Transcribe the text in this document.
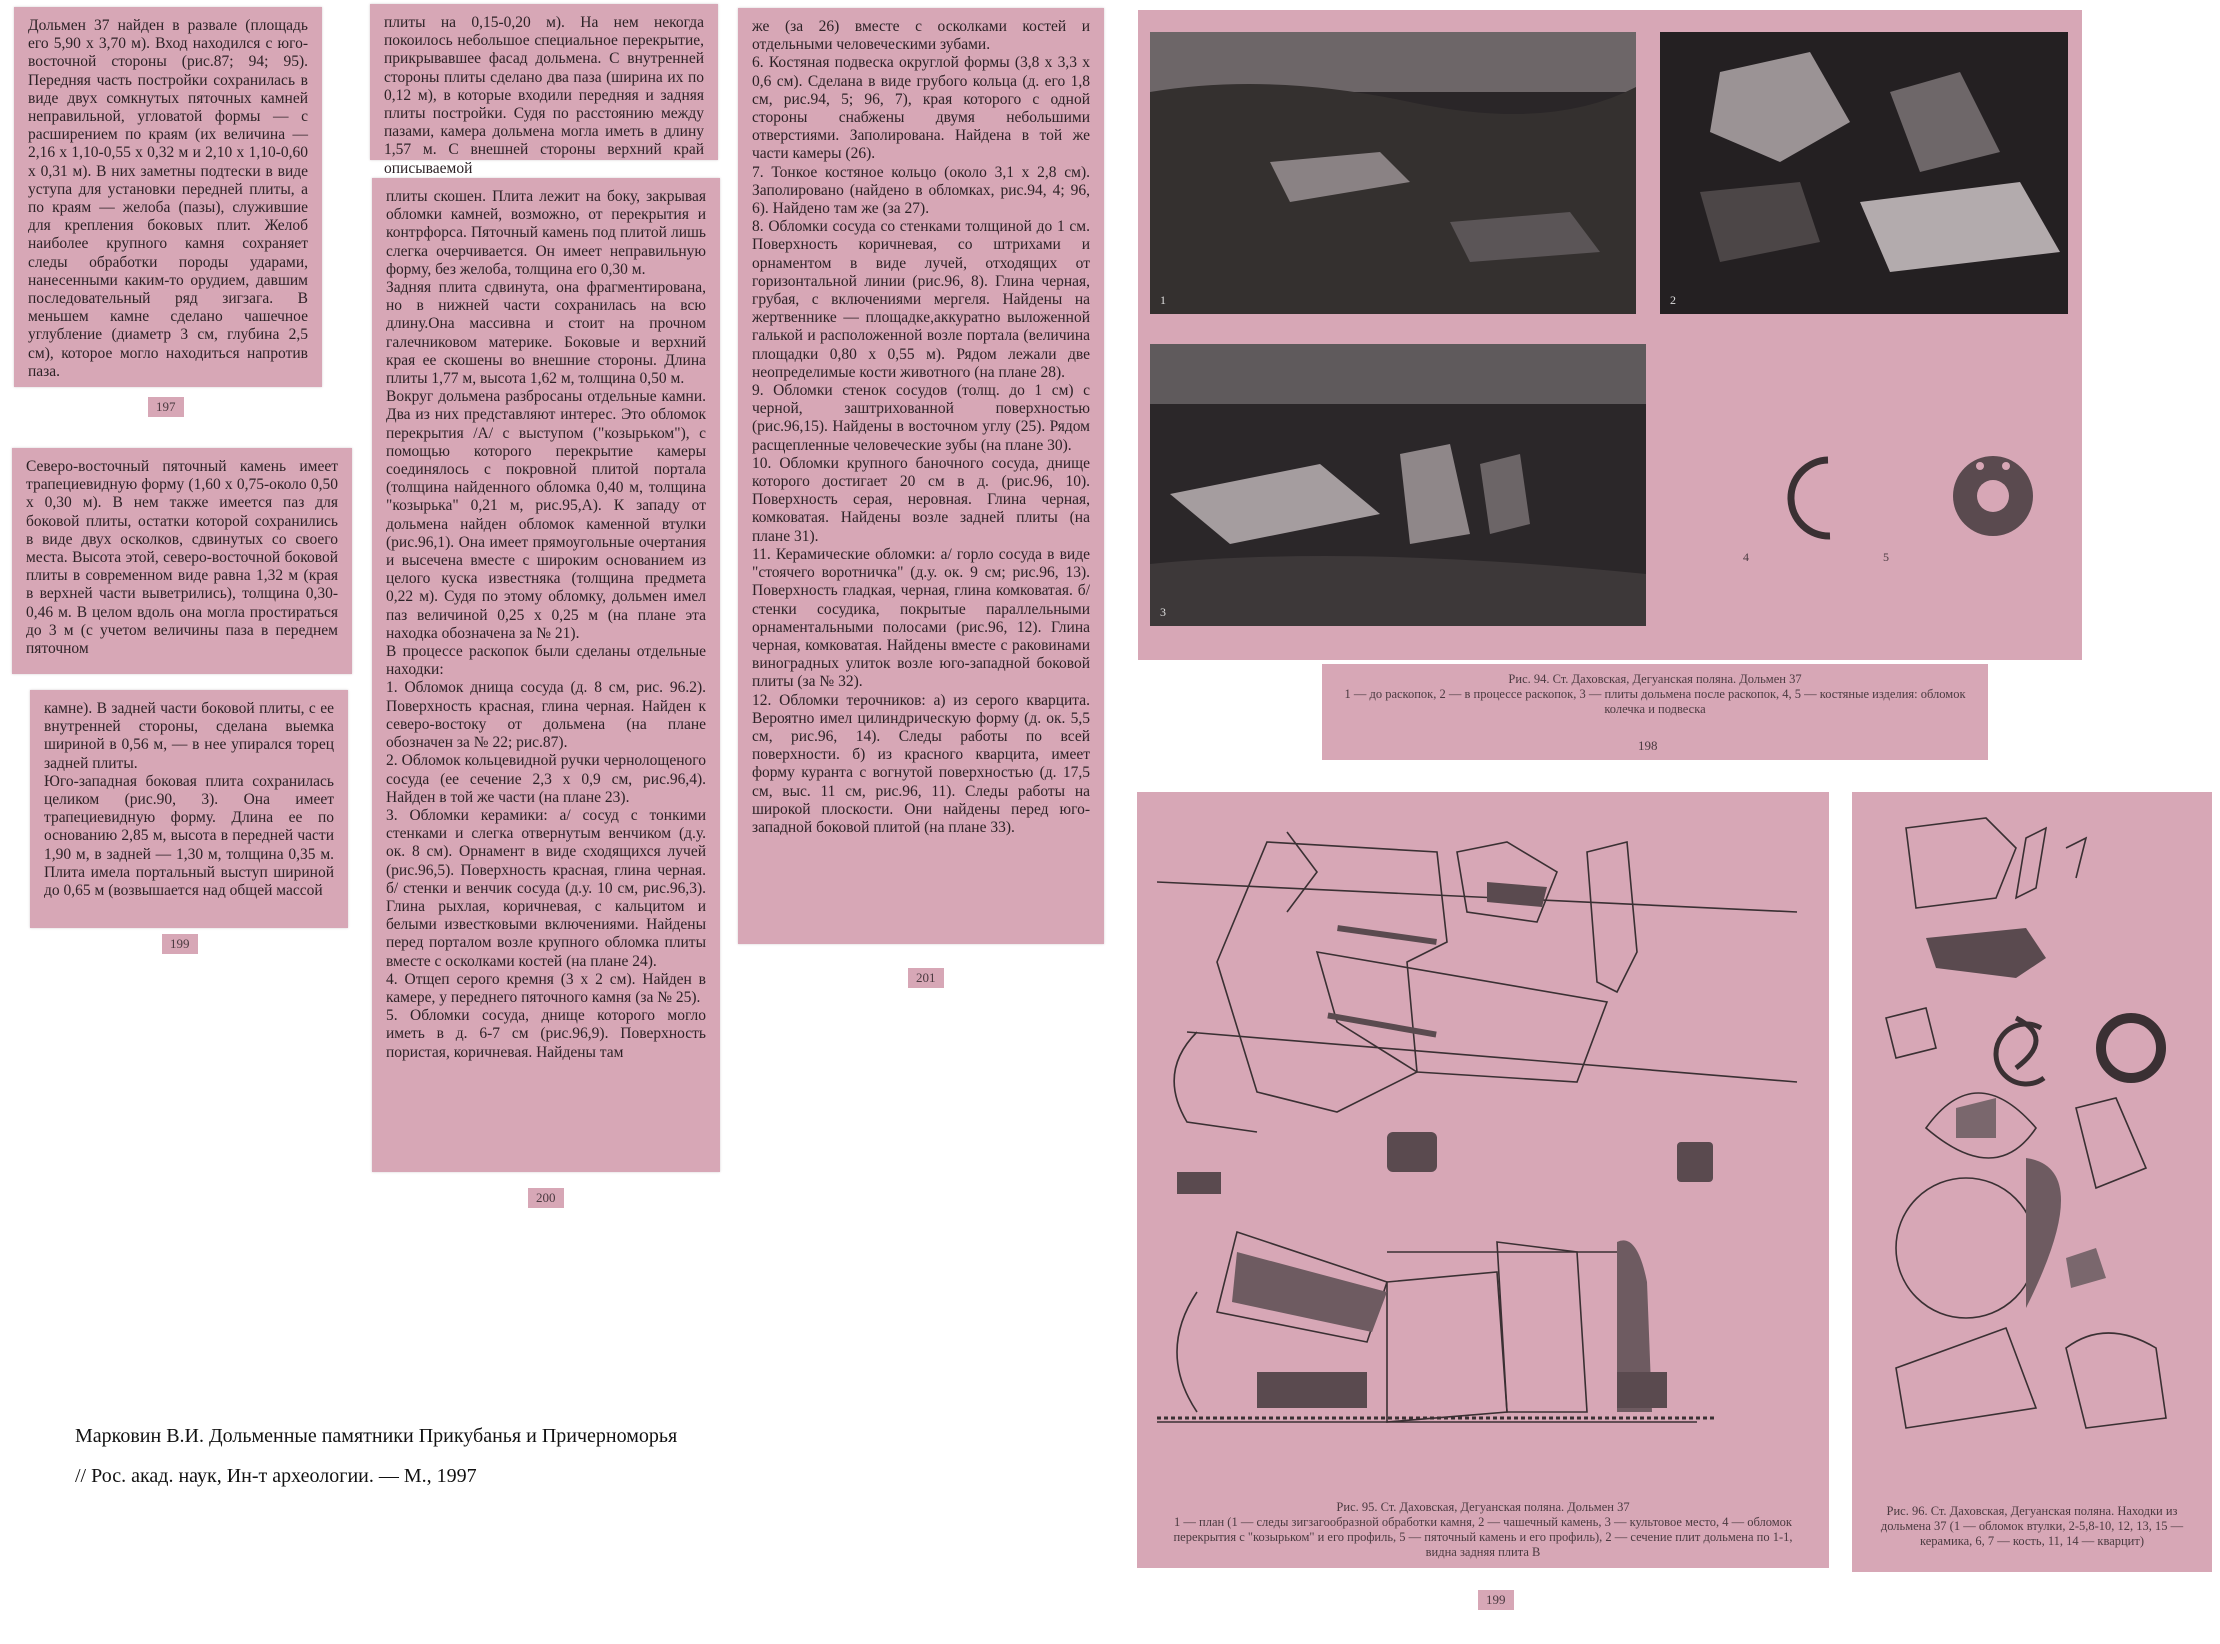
Дольмен 37 найден в развале (площадь его 5,90 х 3,70 м). Вход находился с юго-восточной стороны (рис.87; 94; 95). Передняя часть постройки сохранилась в виде двух сомкнутых пяточных камней неправильной, угловатой формы — с расширением по краям (их величина — 2,16 х 1,10-0,55 х 0,32 м и 2,10 х 1,10-0,60 х 0,31 м). В них заметны подтески в виде уступа для установки передней плиты, а по краям — желоба (пазы), служившие для крепления боковых плит. Желоб наиболее крупного камня сохраняет следы обработки породы ударами, нанесенными каким-то орудием, давшим последовательный ряд зигзага. В меньшем камне сделано чашечное углубление (диаметр 3 см, глубина 2,5 см), которое могло находиться напротив паза.
197
Северо-восточный пяточный камень имеет трапециевидную форму (1,60 х 0,75-около 0,50 х 0,30 м). В нем также имеется паз для боковой плиты, остатки которой сохранились в виде двух осколков, сдвинутых со своего места. Высота этой, северо-восточной боковой плиты в современном виде равна 1,32 м (края в верхней части выветрились), толщина 0,30-0,46 м. В целом вдоль она могла простираться до 3 м (с учетом величины паза в переднем пяточном
камне). В задней части боковой плиты, с ее внутренней стороны, сделана выемка шириной в 0,56 м, — в нее упирался торец задней плиты.
Юго-западная боковая плита сохранилась целиком (рис.90, 3). Она имеет трапециевидную форму. Длина ее по основанию 2,85 м, высота в передней части 1,90 м, в задней — 1,30 м, толщина 0,35 м. Плита имела портальный выступ шириной до 0,65 м (возвышается над общей массой
199
плиты на 0,15-0,20 м). На нем некогда покоилось небольшое специальное перекрытие, прикрывавшее фасад дольмена. С внутренней стороны плиты сделано два паза (ширина их по 0,12 м), в которые входили передняя и задняя плиты постройки. Судя по расстоянию между пазами, камера дольмена могла иметь в длину 1,57 м. С внешней стороны верхний край описываемой
плиты скошен. Плита лежит на боку, закрывая обломки камней, возможно, от перекрытия и контрфорса. Пяточный камень под плитой лишь слегка очерчивается. Он имеет неправильную форму, без желоба, толщина его 0,30 м.
Задняя плита сдвинута, она фрагментирована, но в нижней части сохранилась на всю длину.Она массивна и стоит на прочном галечниковом материке. Боковые и верхний края ее скошены во внешние стороны. Длина плиты 1,77 м, высота 1,62 м, толщина 0,50 м.
Вокруг дольмена разбросаны отдельные камни. Два из них представляют интерес. Это обломок перекрытия /А/ с выступом ("козырьком"), с помощью которого перекрытие камеры соединялось с покровной плитой портала (толщина найденного обломка 0,40 м, толщина "козырька" 0,21 м, рис.95,А). К западу от дольмена найден обломок каменной втулки (рис.96,1). Она имеет прямоугольные очертания и высечена вместе с широким основанием из целого куска известняка (толщина предмета 0,22 м). Судя по этому обломку, дольмен имел паз величиной 0,25 х 0,25 м (на плане эта находка обозначена за № 21).
В процессе раскопок были сделаны отдельные находки:
1. Обломок днища сосуда (д. 8 см, рис. 96.2). Поверхность красная, глина черная. Найден к северо-востоку от дольмена (на плане обозначен за № 22; рис.87).
2. Обломок кольцевидной ручки чернолощеного сосуда (ее сечение 2,3 х 0,9 см, рис.96,4). Найден в той же части (на плане 23).
3. Обломки керамики: а/ сосуд с тонкими стенками и слегка отвернутым венчиком (д.у. ок. 8 см). Орнамент в виде сходящихся лучей (рис.96,5). Поверхность красная, глина черная. б/ стенки и венчик сосуда (д.у. 10 см, рис.96,3). Глина рыхлая, коричневая, с кальцитом и белыми известковыми включениями. Найдены перед порталом возле крупного обломка плиты вместе с осколками костей (на плане 24).
4. Отщеп серого кремня (3 х 2 см). Найден в камере, у переднего пяточного камня (за № 25).
5. Обломки сосуда, днище которого могло иметь в д. 6-7 см (рис.96,9). Поверхность пористая, коричневая. Найдены там
200
же (за 26) вместе с осколками костей и отдельными человеческими зубами.
6. Костяная подвеска округлой формы (3,8 х 3,3 х 0,6 см). Сделана в виде грубого кольца (д. его 1,8 см, рис.94, 5; 96, 7), края которого с одной стороны снабжены двумя небольшими отверстиями. Заполирована. Найдена в той же части камеры (26).
7. Тонкое костяное кольцо (около 3,1 х 2,8 см). Заполировано (найдено в обломках, рис.94, 4; 96, 6). Найдено там же (за 27).
8. Обломки сосуда со стенками толщиной до 1 см. Поверхность коричневая, со штрихами и орнаментом в виде лучей, отходящих от горизонтальной линии (рис.96, 8). Глина черная, грубая, с включениями мергеля. Найдены на жертвеннике — площадке,аккуратно выложенной галькой и расположенной возле портала (величина площадки 0,80 х 0,55 м). Рядом лежали две неопределимые кости животного (на плане 28).
9. Обломки стенок сосудов (толщ. до 1 см) с черной, заштрихованной поверхностью (рис.96,15). Найдены в восточном углу (25). Рядом расщепленные человеческие зубы (на плане 30).
10. Обломки крупного баночного сосуда, днище которого достигает 20 см в д. (рис.96, 10). Поверхность серая, неровная. Глина черная, комковатая. Найдены возле задней плиты (на плане 31).
11. Керамические обломки: а/ горло сосуда в виде "стоячего воротничка" (д.у. ок. 9 см; рис.96, 13). Поверхность гладкая, черная, глина комковатая. б/ стенки сосудика, покрытые параллельными орнаментальными полосами (рис.96, 12). Глина черная, комковатая. Найдены вместе с раковинами виноградных улиток возле юго-западной боковой плиты (за № 32).
12. Обломки терочников: а) из серого кварцита. Вероятно имел цилиндрическую форму (д. ок. 5,5 см, рис.96, 14). Следы работы по всей поверхности. б) из красного кварцита, имеет форму куранта с вогнутой поверхностью (д. 17,5 см, выс. 11 см, рис.96, 11). Следы работы на широкой плоскости. Они найдены перед юго-западной боковой плитой (на плане 33).
201
1	2
3
4	5
Рис. 94. Ст. Даховская, Дегуанская поляна. Дольмен 37
1 — до раскопок, 2 — в процессе раскопок, 3 — плиты дольмена после раскопок, 4, 5 — костяные изделия: обломок колечка и подвеска
198
Рис. 95. Ст. Даховская, Дегуанская поляна. Дольмен 37
1 — план (1 — следы зигзагообразной обработки камня, 2 — чашечный камень, 3 — культовое место, 4 — обломок перекрытия с "козырьком" и его профиль, 5 — пяточный камень и его профиль), 2 — сечение плит дольмена по 1-1, видна задняя плита В
199
Рис. 96. Ст. Даховская, Дегуанская поляна. Находки из дольмена 37 (1 — обломок втулки, 2-5,8-10, 12, 13, 15 — керамика, 6, 7 — кость, 11, 14 — кварцит)
Марковин В.И. Дольменные памятники Прикубанья и Причерноморья
// Рос. акад. наук, Ин-т археологии. — М., 1997
